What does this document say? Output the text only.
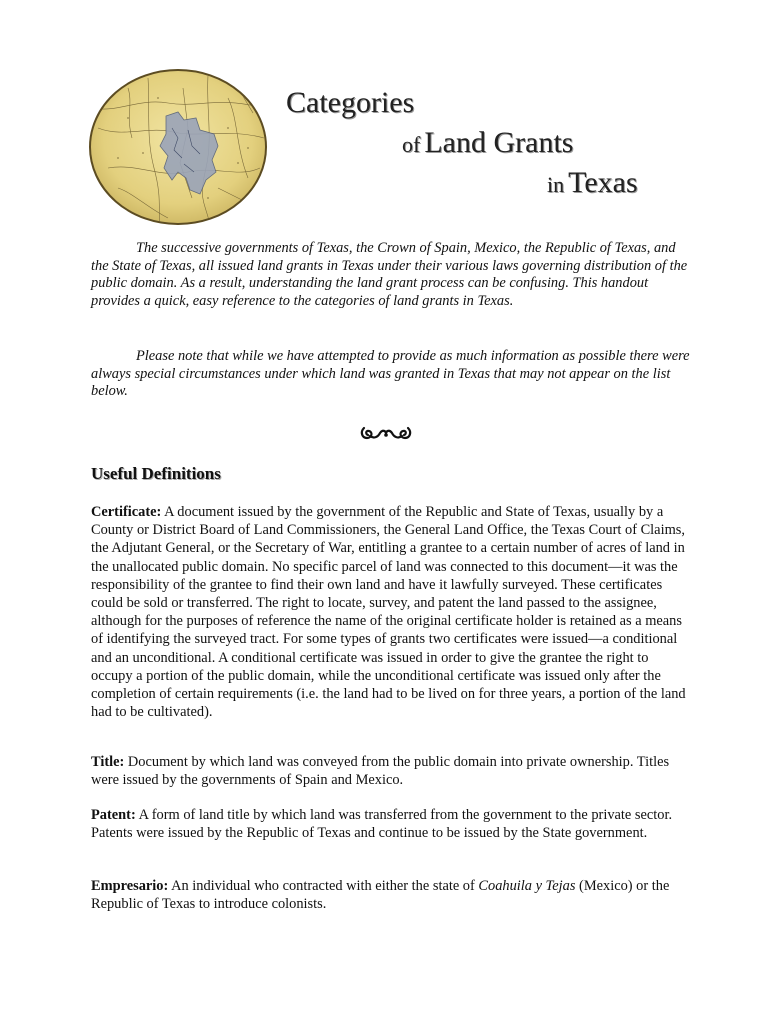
Categories
of Land Grants
in Texas

The successive governments of Texas, the Crown of Spain, Mexico, the Republic of Texas, and the State of Texas, all issued land grants in Texas under their various laws governing distribution of the public domain. As a result, understanding the land grant process can be confusing. This handout provides a quick, easy reference to the categories of land grants in Texas.

Please note that while we have attempted to provide as much information as possible there were always special circumstances under which land was granted in Texas that may not appear on the list below.

Useful Definitions

Certificate: A document issued by the government of the Republic and State of Texas, usually by a County or District Board of Land Commissioners, the General Land Office, the Texas Court of Claims, the Adjutant General, or the Secretary of War, entitling a grantee to a certain number of acres of land in the unallocated public domain. No specific parcel of land was connected to this document—it was the responsibility of the grantee to find their own land and have it lawfully surveyed. These certificates could be sold or transferred. The right to locate, survey, and patent the land passed to the assignee, although for the purposes of reference the name of the original certificate holder is retained as a means of identifying the surveyed tract. For some types of grants two certificates were issued—a conditional and an unconditional. A conditional certificate was issued in order to give the grantee the right to occupy a portion of the public domain, while the unconditional certificate was issued only after the completion of certain requirements (i.e. the land had to be lived on for three years, a portion of the land had to be cultivated).

Title: Document by which land was conveyed from the public domain into private ownership. Titles were issued by the governments of Spain and Mexico.

Patent: A form of land title by which land was transferred from the government to the private sector. Patents were issued by the Republic of Texas and continue to be issued by the State government.

Empresario: An individual who contracted with either the state of Coahuila y Tejas (Mexico) or the Republic of Texas to introduce colonists.
